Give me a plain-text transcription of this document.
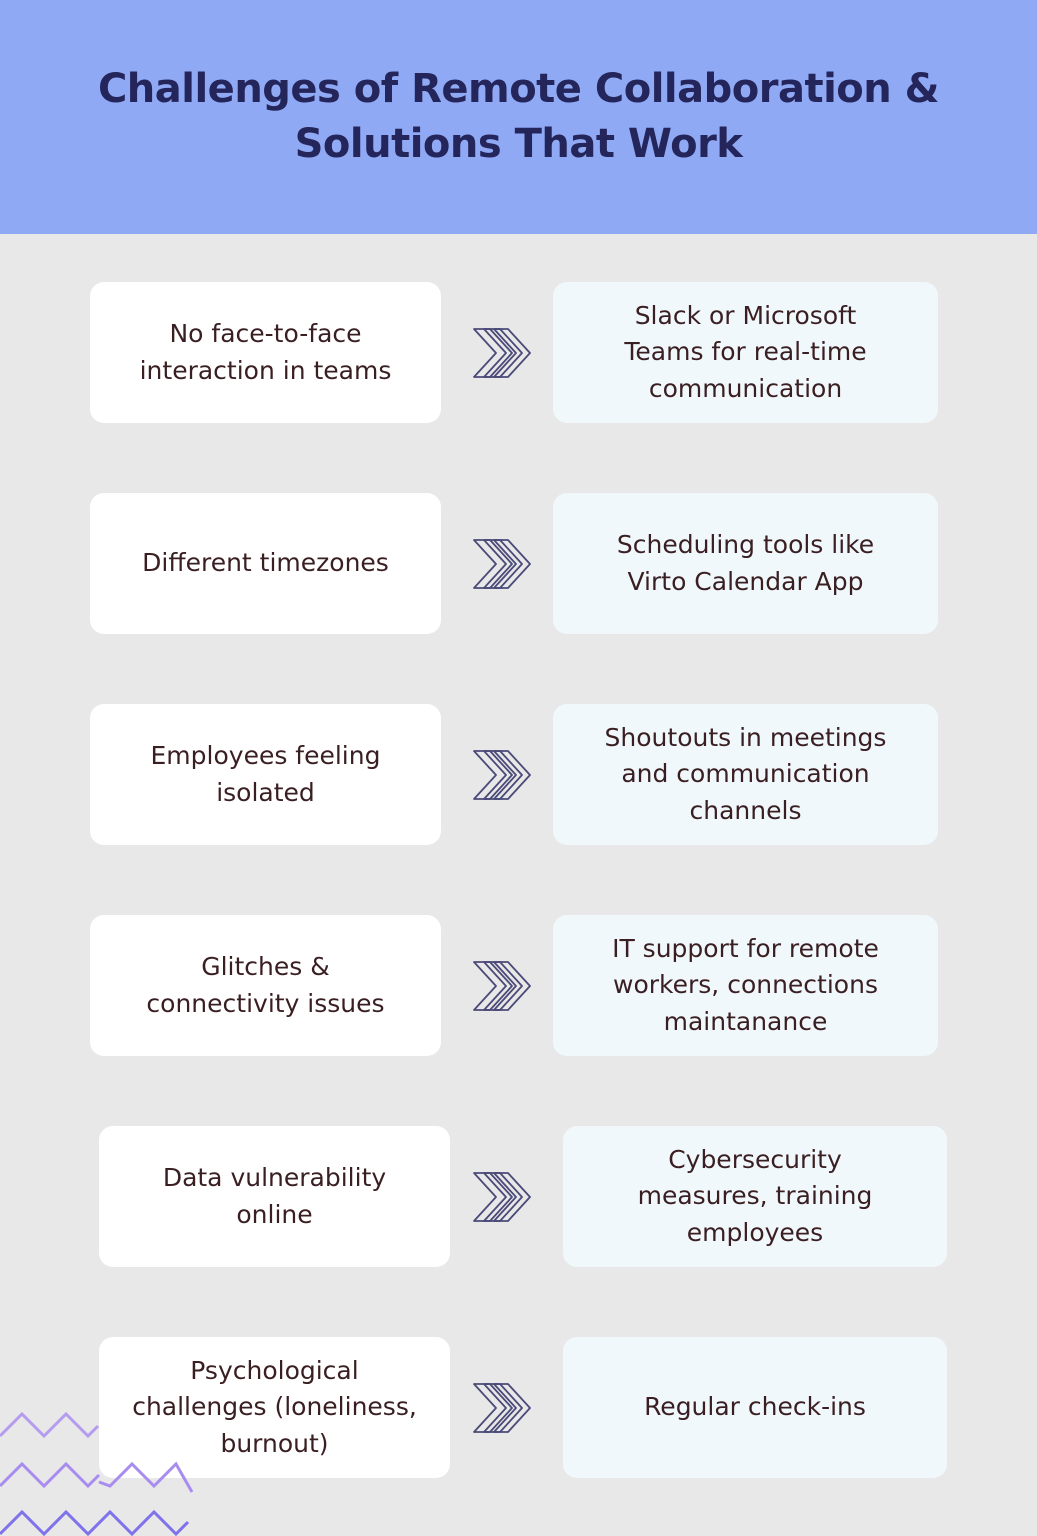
Challenges of Remote Collaboration &
Solutions That Work
No face-to-face interaction in teams
Slack or Microsoft Teams for real-time communication
Different timezones
Scheduling tools like Virto Calendar App
Employees feeling isolated
Shoutouts in meetings and communication channels
Glitches & connectivity issues
IT support for remote workers, connections maintanance
Data vulnerability online
Cybersecurity measures, training employees
Psychological challenges (loneliness, burnout)
Regular check-ins
